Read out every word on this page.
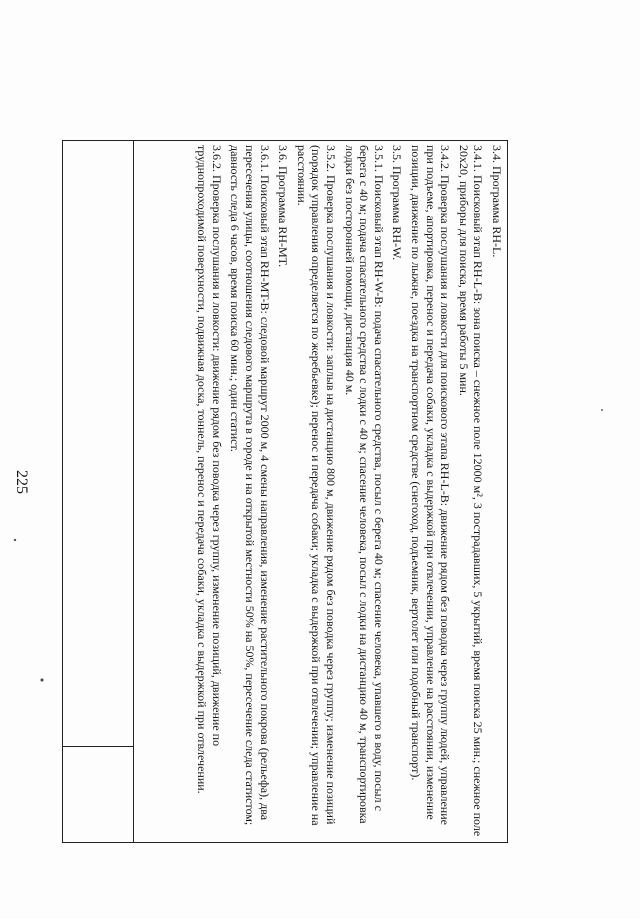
225

3.4. Программа RH-L.

3.4.1. Поисковый этап RH-L-B: зона поиска – снежное поле 12000 м², 3 пострадавших, 5 укрытий, время поиска 25 мин.; снежное поле 20х20, приборы для поиска, время работы 5 мин.

3.4.2. Проверка послушания и ловкости для поискового этапа RH-L-B: движение рядом без поводка через группу людей, управление при подъеме, апортировка, перенос и передача собаки, укладка с выдержкой при отвлечении, управление на расстоянии, изменение позиции, движение по лыжне, поездка на транспортном средстве (снегоход, подъемник, вертолет или подобный транспорт).

3.5. Программа RH-W.

3.5.1. Поисковый этап RH-W-B: подача спасательного средства, посыл с берега 40 м; спасение человека, упавшего в воду, посыл с берега с 40 м; подача спасательного средства с лодки с 40 м; спасение человека, посыл с лодки на дистанцию 40 м, транспортировка лодки без посторонней помощи, дистанция 40 м.

3.5.2. Проверка послушания и ловкости: заплыв на дистанцию 800 м, движение рядом без поводка через группу; изменение позиций (порядок управления определяется по жеребьевке); перенос и передача собаки; укладка с выдержкой при отвлечении; управление на расстоянии.

3.6. Программа RH-MT.

3.6.1. Поисковый этап RH-MT-B: следовой маршрут 2000 м, 4 смены направления, изменение растительного покрова (рельефа), два пересечения улицы, соотношения следового маршрута в городе и на открытой местности 50% на 50%, пересечение следа статистом; давность следа 6 часов, время поиска 60 мин.; один статист.

3.6.2. Проверка послушания и ловкости: движение рядом без поводка через группу, изменение позиций, движение по труднопроходимой поверхности, подвижная доска, тоннель, перенос и передача собаки, укладка с выдержкой при отвлечении.
